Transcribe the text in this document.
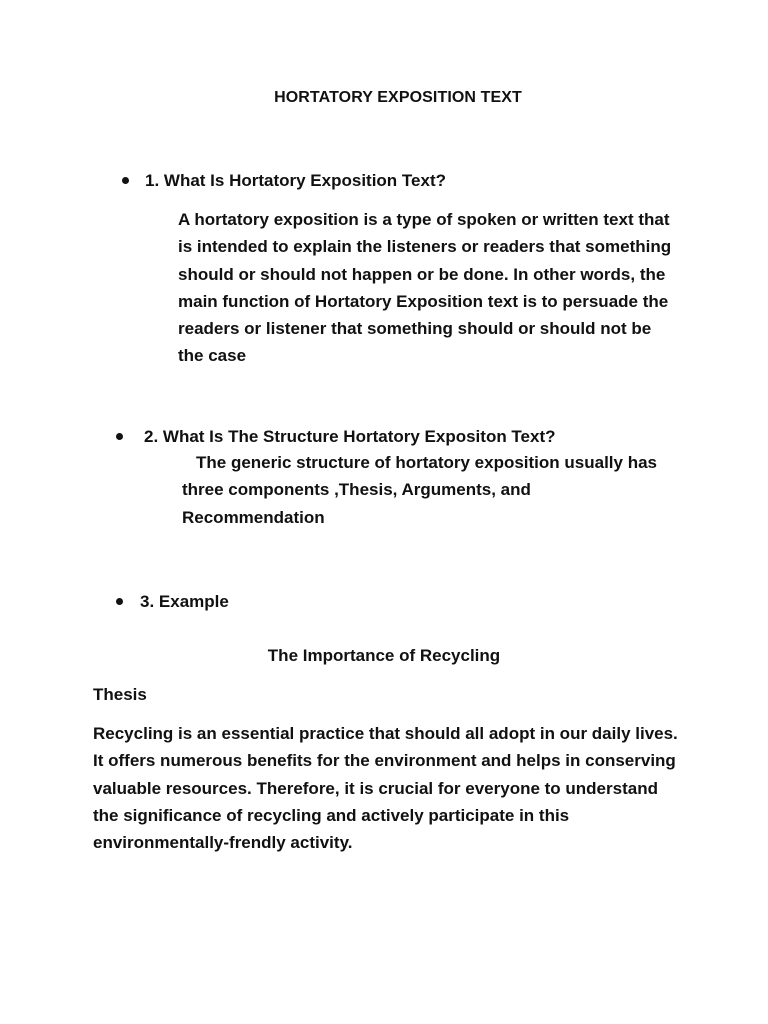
HORTATORY EXPOSITION TEXT
1. What Is Hortatory Exposition Text?
A hortatory exposition is a type of spoken or written text that is intended to explain the listeners or readers that something should or should not happen or be done. In other words, the main function of Hortatory Exposition text is to persuade the readers or listener that something should or should not be the case
2. What Is The Structure Hortatory Expositon Text?
The generic structure of hortatory exposition usually has three components ,Thesis, Arguments, and Recommendation
3. Example
The Importance of Recycling
Thesis
Recycling is an essential practice that should all adopt in our daily lives. It offers numerous benefits for the environment and helps in conserving valuable resources. Therefore, it is crucial for everyone to understand the significance of recycling and actively participate in this environmentally-frendly activity.
